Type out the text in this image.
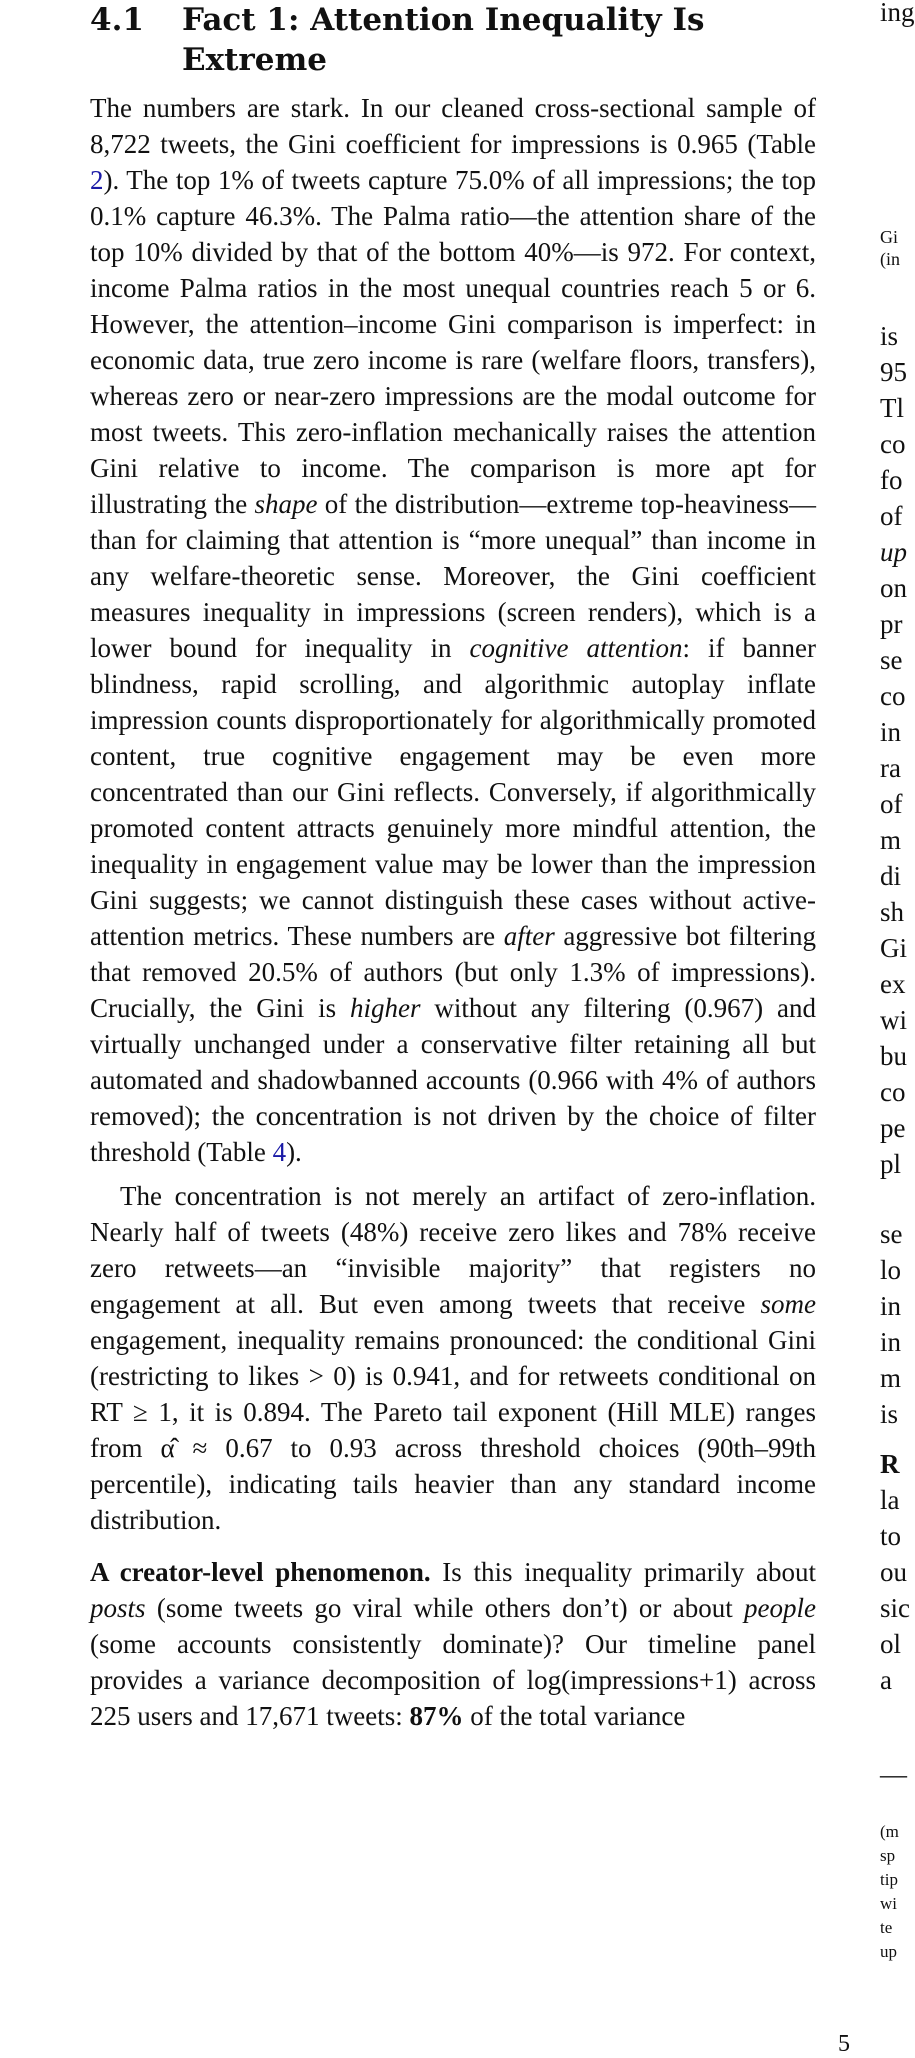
4.1	Fact 1: Attention Inequality Is Extreme

The numbers are stark. In our cleaned cross-sectional sample of 8,722 tweets, the Gini coefficient for impressions is 0.965 (Table 2). The top 1% of tweets capture 75.0% of all impressions; the top 0.1% capture 46.3%. The Palma ratio—the attention share of the top 10% divided by that of the bottom 40%—is 972. For context, income Palma ratios in the most unequal countries reach 5 or 6. However, the attention–income Gini comparison is imperfect: in economic data, true zero income is rare (welfare floors, transfers), whereas zero or near-zero impressions are the modal outcome for most tweets. This zero-inflation mechanically raises the attention Gini relative to income. The comparison is more apt for illustrating the shape of the distribution—extreme top-heaviness—than for claiming that attention is “more unequal” than income in any welfare-theoretic sense. Moreover, the Gini coefficient measures inequality in impressions (screen renders), which is a lower bound for inequality in cognitive attention: if banner blindness, rapid scrolling, and algorithmic autoplay inflate impression counts disproportionately for algorithmically promoted content, true cognitive engagement may be even more concentrated than our Gini reflects. Conversely, if algorithmically promoted content attracts genuinely more mindful attention, the inequality in engagement value may be lower than the impression Gini suggests; we cannot distinguish these cases without active-attention metrics. These numbers are after aggressive bot filtering that removed 20.5% of authors (but only 1.3% of impressions). Crucially, the Gini is higher without any filtering (0.967) and virtually unchanged under a conservative filter retaining all but automated and shadowbanned accounts (0.966 with 4% of authors removed); the concentration is not driven by the choice of filter threshold (Table 4).

The concentration is not merely an artifact of zero-inflation. Nearly half of tweets (48%) receive zero likes and 78% receive zero retweets—an “invisible majority” that registers no engagement at all. But even among tweets that receive some engagement, inequality remains pronounced: the conditional Gini (restricting to likes > 0) is 0.941, and for retweets conditional on RT ≥ 1, it is 0.894. The Pareto tail exponent (Hill MLE) ranges from α̂ ≈ 0.67 to 0.93 across threshold choices (90th–99th percentile), indicating tails heavier than any standard income distribution.

A creator-level phenomenon. Is this inequality primarily about posts (some tweets go viral while others don’t) or about people (some accounts consistently dominate)? Our timeline panel provides a variance decomposition of log(impressions+1) across 225 users and 17,671 tweets: 87% of the total variance

ing
Gi
(in
is
95
Tl
co
fo
of
up
on
pr
se
co
in
ra
of
m
di
sh
Gi
ex
wi
bu
co
pe
pl
se
lo
in
in
m
is
R
la
to
ou
sic
ol
a
—
(m
sp
tip
wi
te
up
5
